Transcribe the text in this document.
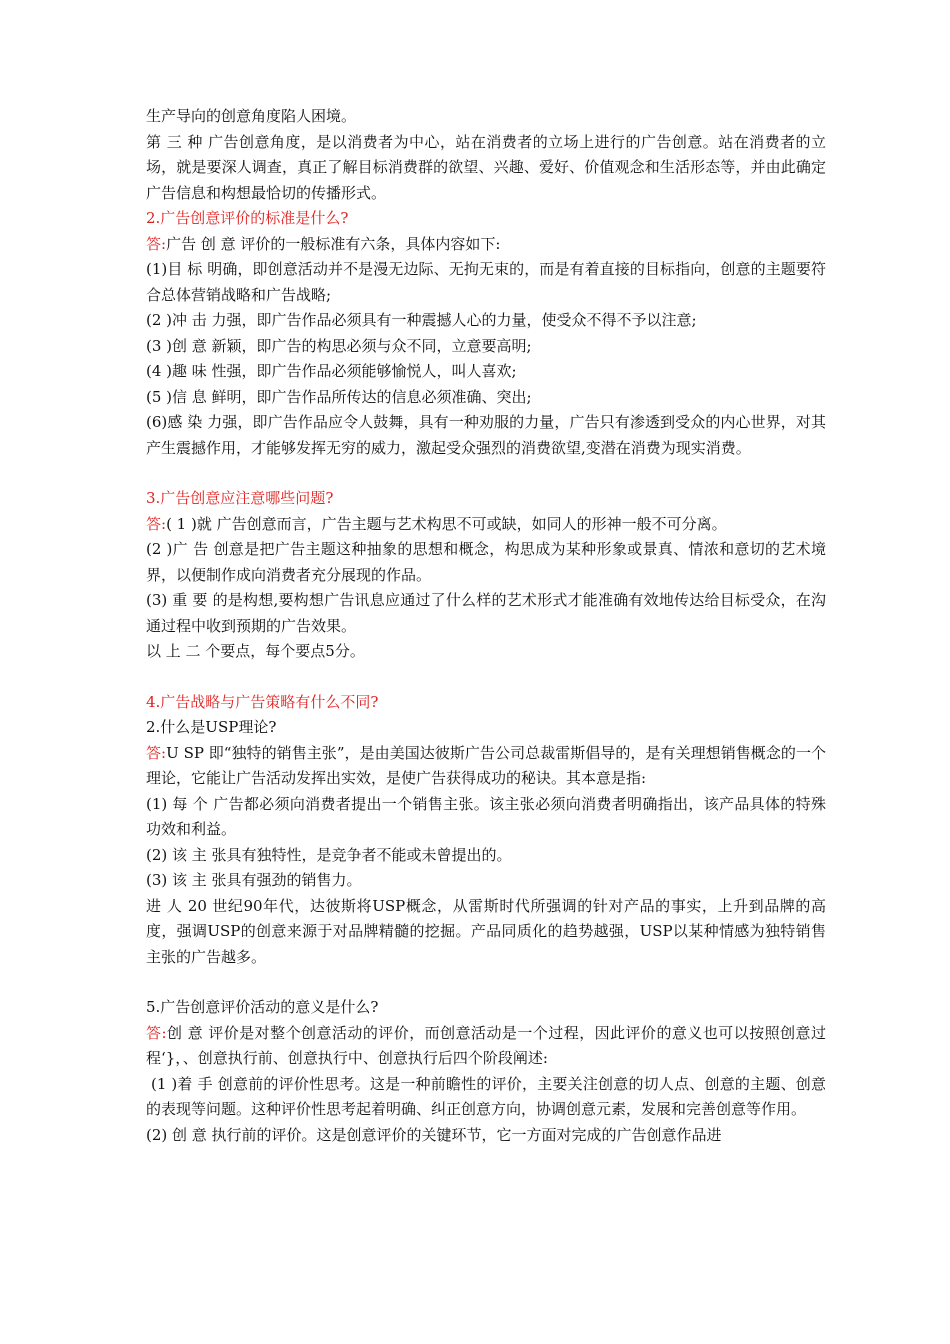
生产导向的创意角度陷人困境。

第 三 种 广告创意角度，是以消费者为中心，站在消费者的立场上进行的广告创意。站在消费者的立场，就是要深人调查，真正了解目标消费群的欲望、兴趣、爱好、价值观念和生活形态等，并由此确定广告信息和构想最恰切的传播形式。

2.广告创意评价的标准是什么?

答:广告 创 意 评价的一般标准有六条，具体内容如下:

(1)目 标 明确，即创意活动并不是漫无边际、无拘无束的，而是有着直接的目标指向，创意的主题要符合总体营销战略和广告战略;

(2 )冲 击 力强，即广告作品必须具有一种震撼人心的力量，使受众不得不予以注意;

(3 )创 意 新颖，即广告的构思必须与众不同，立意要高明;

(4 )趣 味 性强，即广告作品必须能够愉悦人，叫人喜欢;

(5 )信 息 鲜明，即广告作品所传达的信息必须准确、突出;

(6)感 染 力强，即广告作品应令人鼓舞，具有一种劝服的力量，广告只有渗透到受众的内心世界，对其产生震撼作用，才能够发挥无穷的威力，激起受众强烈的消费欲望,变潜在消费为现实消费。

3.广告创意应注意哪些问题?

答:( 1 )就 广告创意而言，广告主题与艺术构思不可或缺，如同人的形神一般不可分离。

(2 )广 告 创意是把广告主题这种抽象的思想和概念，构思成为某种形象或景真、情浓和意切的艺术境界，以便制作成向消费者充分展现的作品。

(3) 重 要 的是构想,要构想广告讯息应通过了什么样的艺术形式才能准确有效地传达给目标受众，在沟通过程中收到预期的广告效果。

以 上 二 个要点，每个要点5分。

4.广告战略与广告策略有什么不同?

2.什么是USP理论?

答:U SP 即“独特的销售主张”，是由美国达彼斯广告公司总裁雷斯倡导的，是有关理想销售概念的一个理论，它能让广告活动发挥出实效，是使广告获得成功的秘诀。其本意是指:

(1) 每 个 广告都必须向消费者提出一个销售主张。该主张必须向消费者明确指出，该产品具体的特殊功效和利益。

(2) 该 主 张具有独特性，是竞争者不能或未曾提出的。

(3) 该 主 张具有强劲的销售力。

进 人 20 世纪90年代，达彼斯将USP概念，从雷斯时代所强调的针对产品的事实，上升到品牌的高度，强调USP的创意来源于对品牌精髓的挖掘。产品同质化的趋势越强，USP以某种情感为独特销售主张的广告越多。

5.广告创意评价活动的意义是什么?

答:创 意 评价是对整个创意活动的评价，而创意活动是一个过程，因此评价的意义也可以按照创意过程‘}，、创意执行前、创意执行中、创意执行后四个阶段阐述:

(1 )着 手 创意前的评价性思考。这是一种前瞻性的评价，主要关注创意的切人点、创意的主题、创意的表现等问题。这种评价性思考起着明确、纠正创意方向，协调创意元素，发展和完善创意等作用。

(2) 创 意 执行前的评价。这是创意评价的关键环节，它一方面对完成的广告创意作品进
